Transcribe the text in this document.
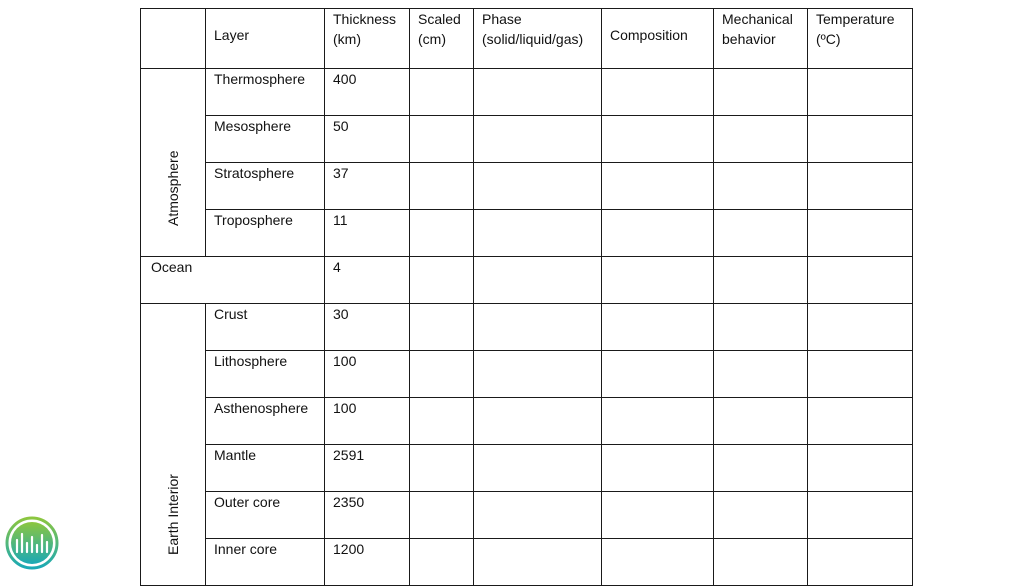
	Layer	Thickness (km)	Scaled (cm)	Phase (solid/liquid/gas)	Composition	Mechanical behavior	Temperature (ºC)

Atmosphere	Thermosphere	400					
	Mesosphere	50					
	Stratosphere	37					
	Troposphere	11					
Ocean		4					

Earth Interior	Crust	30					
	Lithosphere	100					
	Asthenosphere	100					
	Mantle	2591					
	Outer core	2350					
	Inner core	1200					
